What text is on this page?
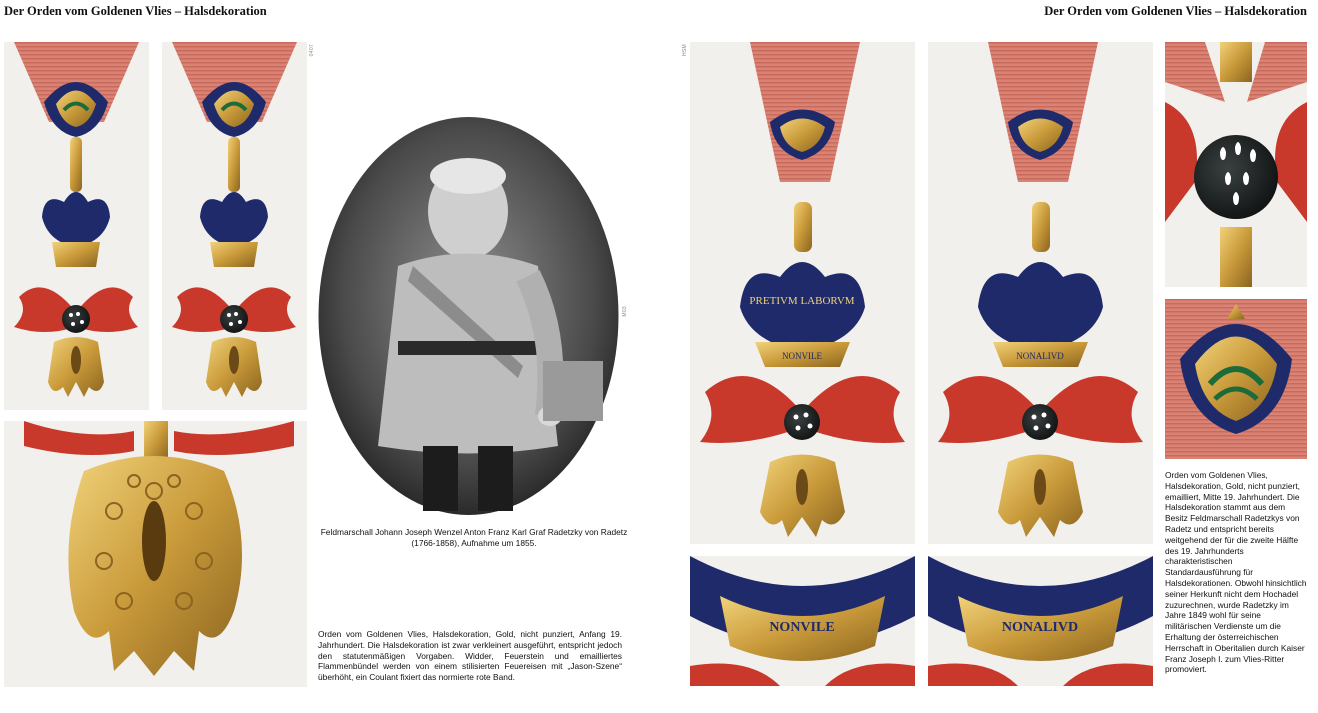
Der Orden vom Goldenen Vlies – Halsdekoration	Der Orden vom Goldenen Vlies – Halsdekoration
0407
M03
HSM
Feldmarschall Johann Joseph Wenzel Anton Franz Karl Graf Radetzky von Radetz (1766-1858), Aufnahme um 1855.
Orden vom Goldenen Vlies, Halsdekoration, Gold, nicht punziert, Anfang 19. Jahrhundert. Die Halsdekoration ist zwar verkleinert ausgeführt, entspricht jedoch den statutenmäßigen Vorgaben. Widder, Feuerstein und emailliertes Flammenbündel werden von einem stilisierten Feuereisen mit „Jason-Szene“ überhöht, ein Coulant fixiert das normierte rote Band.
PRETIVM LABORVM
NONVILE	NONALIVD
NONVILE	NONALIVD
Orden vom Goldenen Vlies, Halsdekoration, Gold, nicht punziert, emailliert, Mitte 19. Jahrhundert. Die Halsdekoration stammt aus dem Besitz Feldmarschall Radetzkys von Radetz und entspricht bereits weitgehend der für die zweite Hälfte des 19. Jahrhunderts charakteristischen Standardausführung für Halsdekorationen. Obwohl hinsichtlich seiner Herkunft nicht dem Hochadel zuzurechnen, wurde Radetzky im Jahre 1849 wohl für seine militärischen Verdienste um die Erhaltung der österreichischen Herrschaft in Oberitalien durch Kaiser Franz Joseph I. zum Vlies-Ritter promoviert.
